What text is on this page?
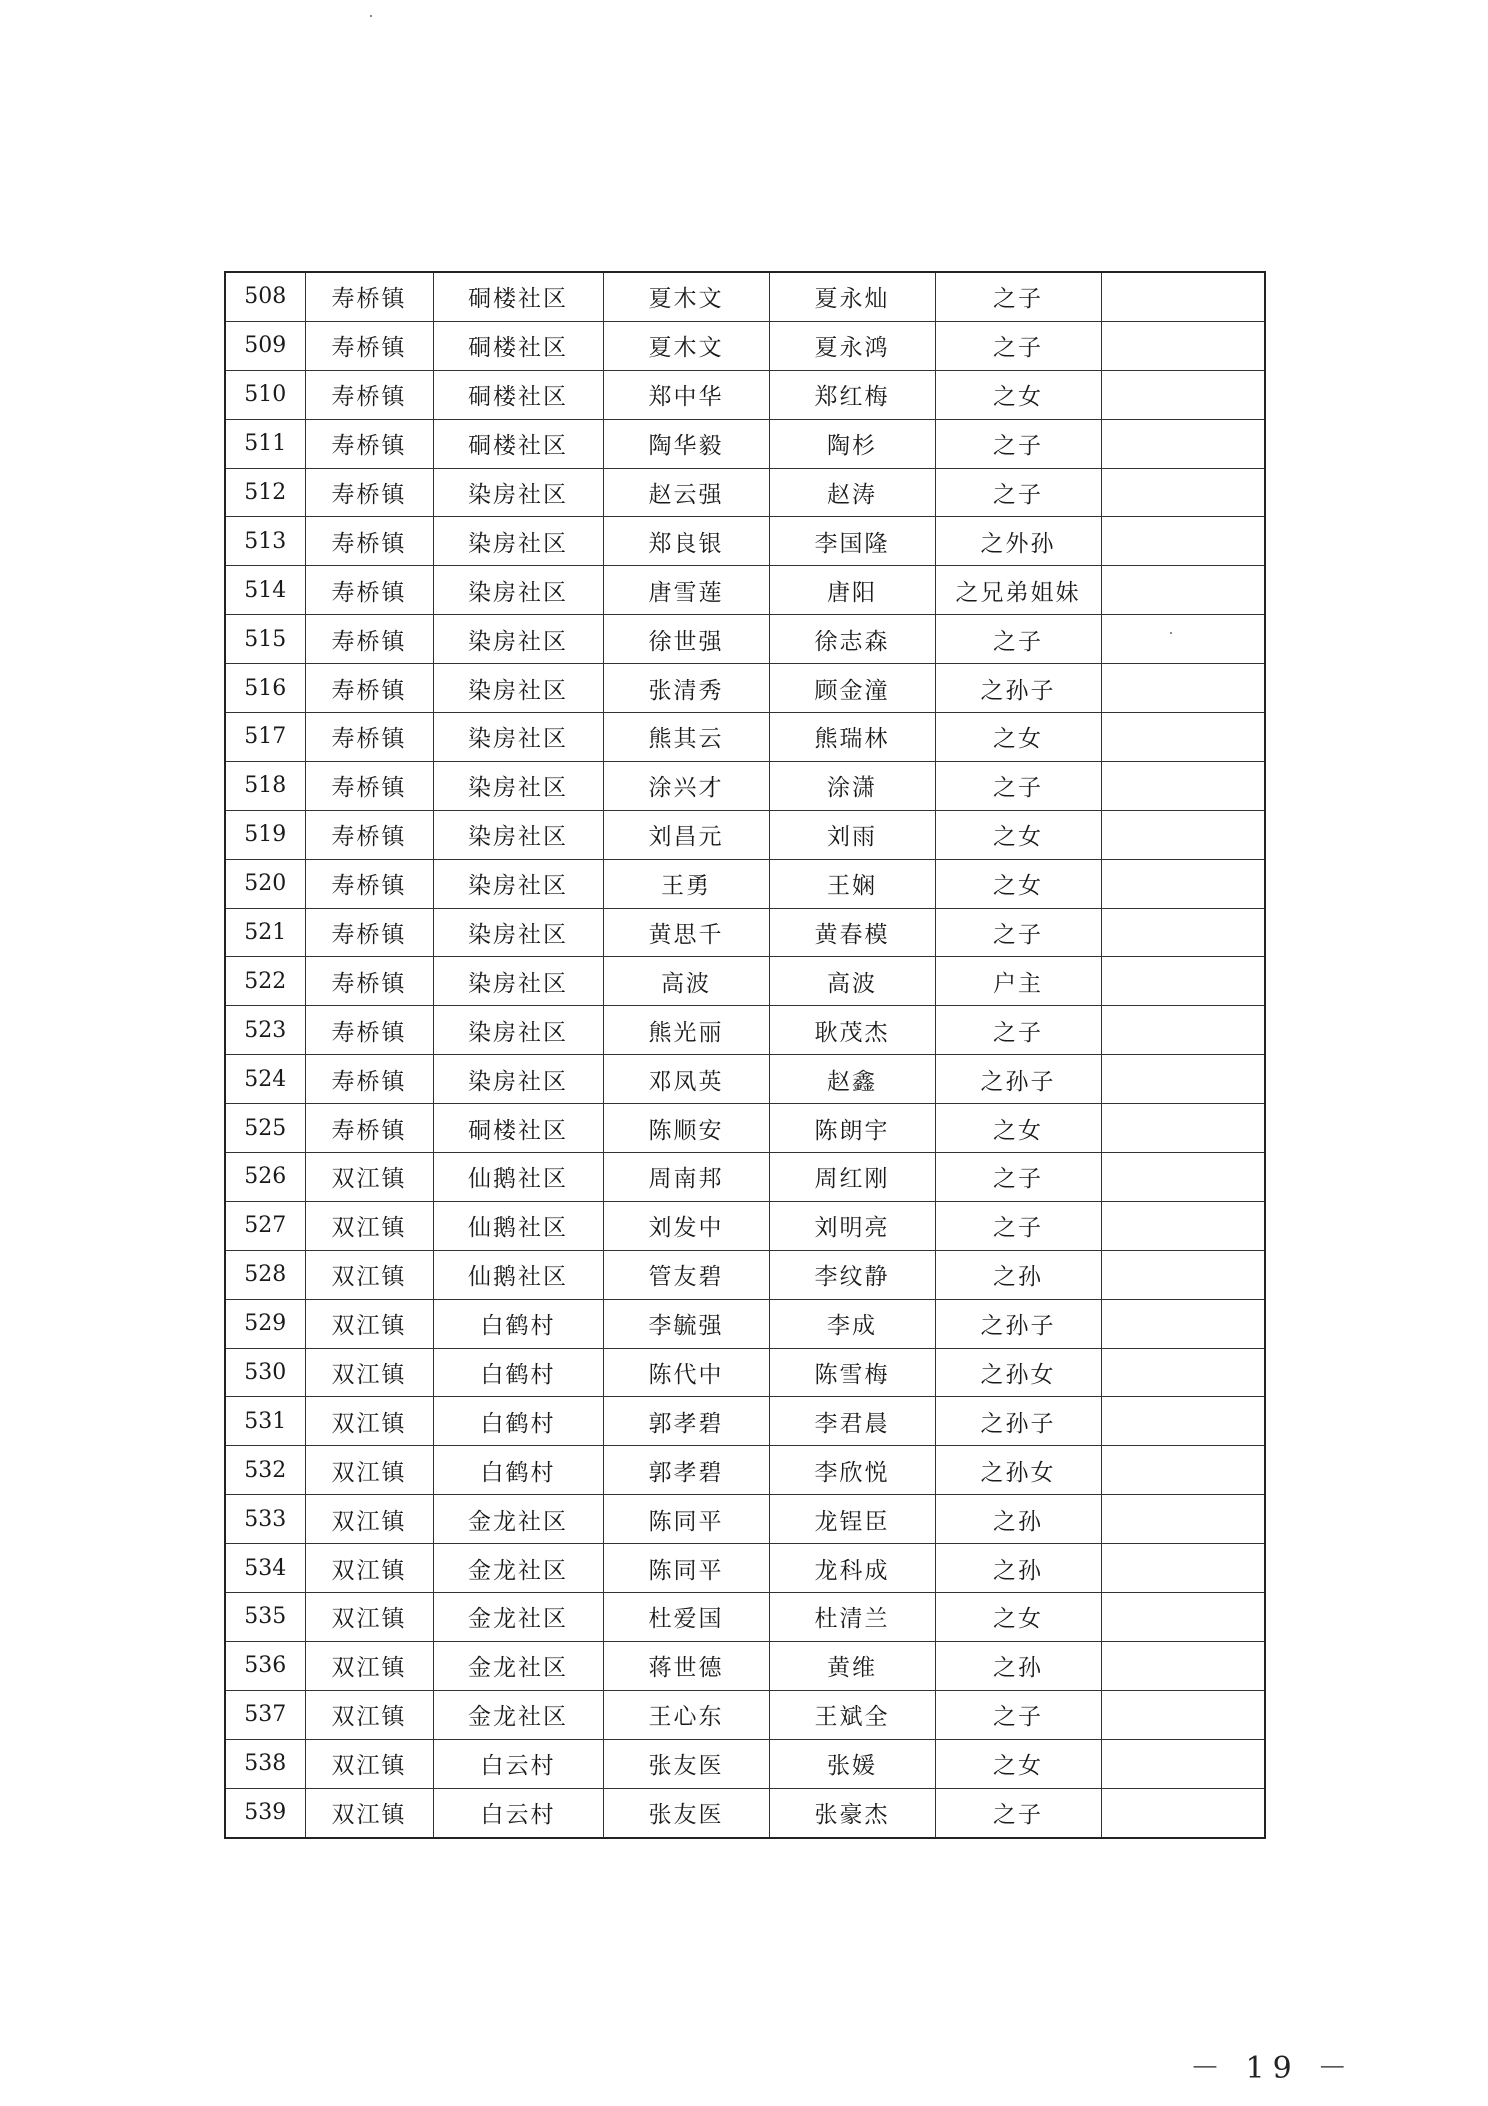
508	寿桥镇	硐楼社区	夏木文	夏永灿	之子	
509	寿桥镇	硐楼社区	夏木文	夏永鸿	之子	
510	寿桥镇	硐楼社区	郑中华	郑红梅	之女	
511	寿桥镇	硐楼社区	陶华毅	陶杉	之子	
512	寿桥镇	染房社区	赵云强	赵涛	之子	
513	寿桥镇	染房社区	郑良银	李国隆	之外孙	
514	寿桥镇	染房社区	唐雪莲	唐阳	之兄弟姐妹	
515	寿桥镇	染房社区	徐世强	徐志森	之子	
516	寿桥镇	染房社区	张清秀	顾金潼	之孙子	
517	寿桥镇	染房社区	熊其云	熊瑞林	之女	
518	寿桥镇	染房社区	涂兴才	涂潇	之子	
519	寿桥镇	染房社区	刘昌元	刘雨	之女	
520	寿桥镇	染房社区	王勇	王娴	之女	
521	寿桥镇	染房社区	黄思千	黄春模	之子	
522	寿桥镇	染房社区	高波	高波	户主	
523	寿桥镇	染房社区	熊光丽	耿茂杰	之子	
524	寿桥镇	染房社区	邓凤英	赵鑫	之孙子	
525	寿桥镇	硐楼社区	陈顺安	陈朗宇	之女	
526	双江镇	仙鹅社区	周南邦	周红刚	之子	
527	双江镇	仙鹅社区	刘发中	刘明亮	之子	
528	双江镇	仙鹅社区	管友碧	李纹静	之孙	
529	双江镇	白鹤村	李毓强	李成	之孙子	
530	双江镇	白鹤村	陈代中	陈雪梅	之孙女	
531	双江镇	白鹤村	郭孝碧	李君晨	之孙子	
532	双江镇	白鹤村	郭孝碧	李欣悦	之孙女	
533	双江镇	金龙社区	陈同平	龙锃臣	之孙	
534	双江镇	金龙社区	陈同平	龙科成	之孙	
535	双江镇	金龙社区	杜爱国	杜清兰	之女	
536	双江镇	金龙社区	蒋世德	黄维	之孙	
537	双江镇	金龙社区	王心东	王斌全	之子	
538	双江镇	白云村	张友医	张媛	之女	
539	双江镇	白云村	张友医	张豪杰	之子	
－ 19 －
